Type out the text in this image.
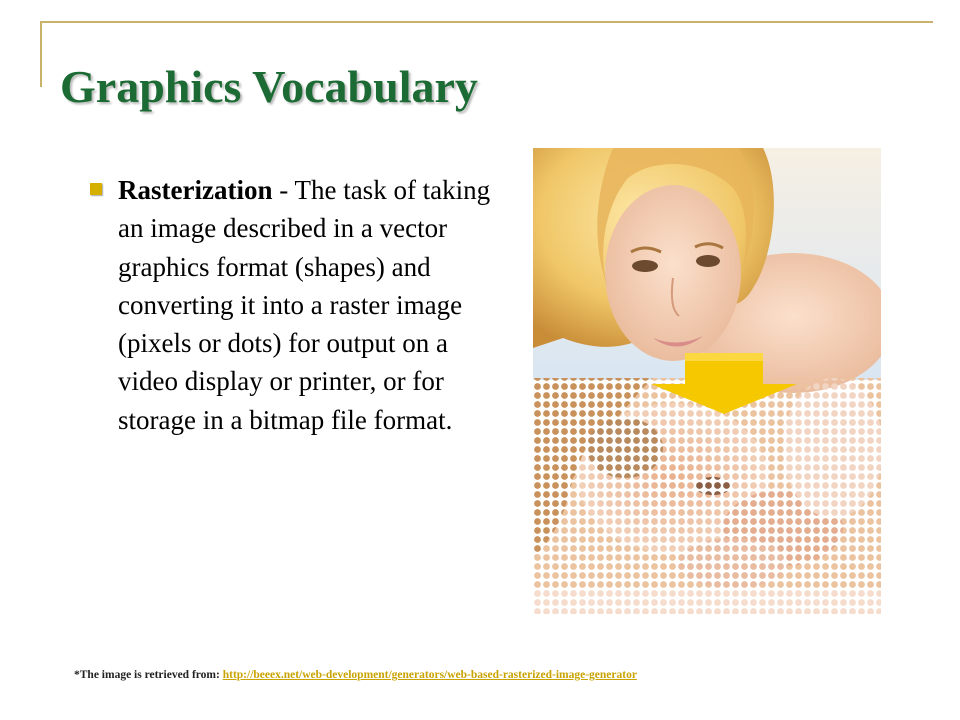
Graphics Vocabulary

Rasterization - The task of taking an image described in a vector graphics format (shapes) and converting it into a raster image (pixels or dots) for output on a video display or printer, or for storage in a bitmap file format.

*The image is retrieved from: http://beeex.net/web-development/generators/web-based-rasterized-image-generator
